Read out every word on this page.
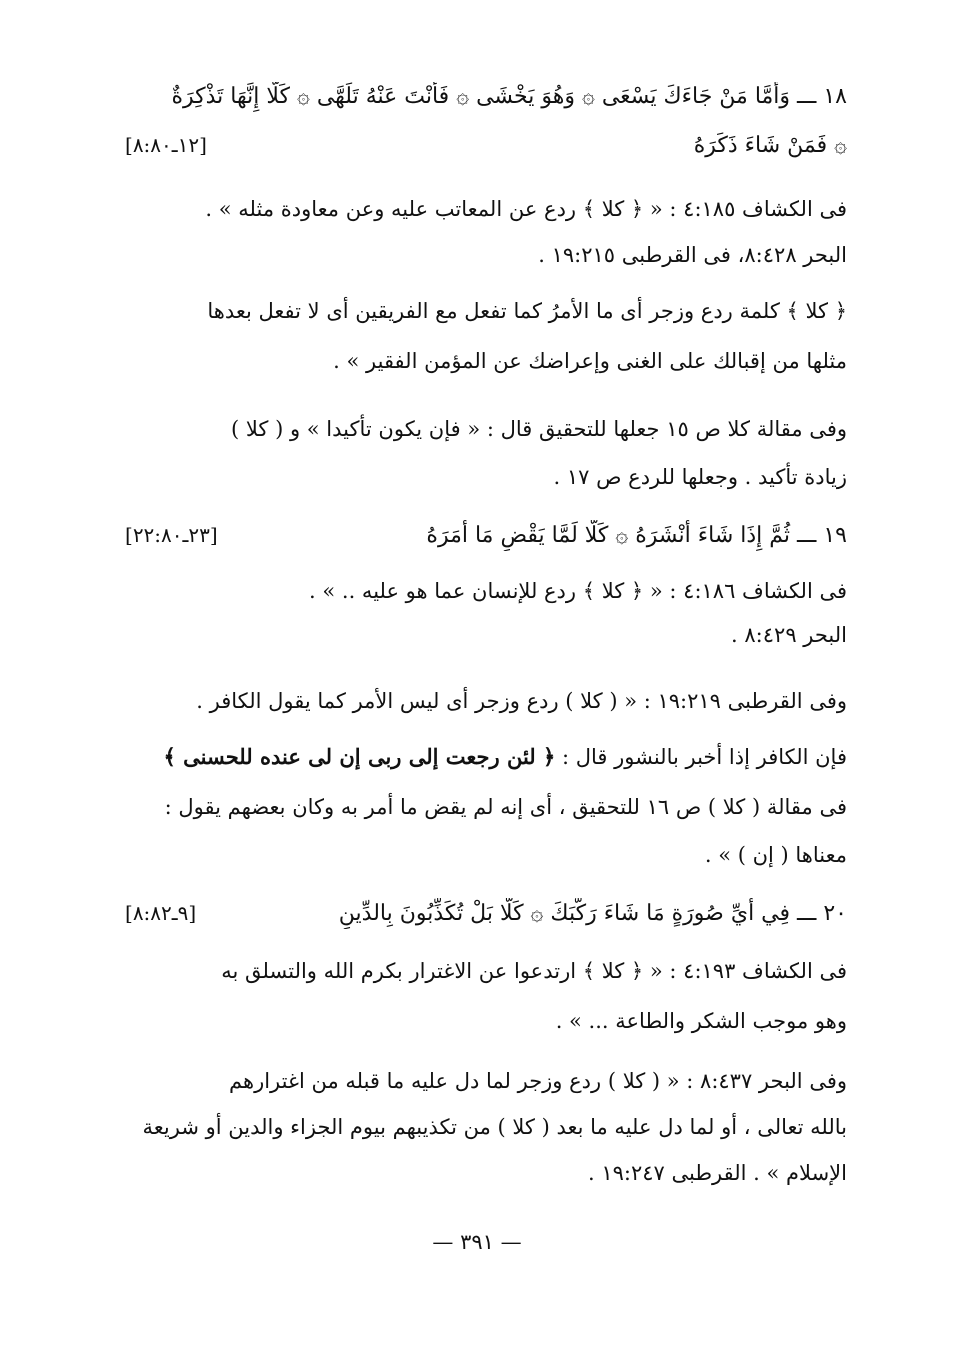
١٨ ـــ وَأَمَّا مَنْ جَاءَكَ يَسْعَى ۞ وَهُوَ يَخْشَى ۞ فَأَنْتَ عَنْهُ تَلَهَّى ۞ كَلَّا إِنَّهَا تَذْكِرَةٌ
۞ فَمَنْ شَاءَ ذَكَرَهُ
[١٢ـ٨:٨٠]
فى الكشاف ٤:١٨٥ : « ﴿ كلا ﴾ ردع عن المعاتب عليه وعن معاودة مثله » .
البحر ٨:٤٢٨، فى القرطبى ١٩:٢١٥ .
﴿ كلا ﴾ كلمة ردع وزجر أى ما الأمرُ كما تفعل مع الفريقين أى لا تفعل بعدها
مثلها من إقبالك على الغنى وإعراضك عن المؤمن الفقير » .
وفى مقالة كلا ص ١٥ جعلها للتحقيق قال : « فإن يكون تأكيدا » و ( كلا )
زيادة تأكيد . وجعلها للردع ص ١٧ .
١٩ ـــ ثُمَّ إِذَا شَاءَ أَنْشَرَهُ ۞ كَلَّا لَمَّا يَقْضِ مَا أَمَرَهُ
[٢٣ـ٢٢:٨٠]
فى الكشاف ٤:١٨٦ : « ﴿ كلا ﴾ ردع للإنسان عما هو عليه .. » .
البحر ٨:٤٢٩ .
وفى القرطبى ١٩:٢١٩ : « ( كلا ) ردع وزجر أى ليس الأمر كما يقول الكافر .
فإن الكافر إذا أخبر بالنشور قال : ﴿ لئن رجعت إلى ربى إن لى عنده للحسنى ﴾
فى مقالة ( كلا ) ص ١٦ للتحقيق ، أى إنه لم يقض ما أمر به وكان بعضهم يقول :
معناها ( إن ) » .
٢٠ ـــ فِي أَيِّ صُورَةٍ مَا شَاءَ رَكَّبَكَ ۞ كَلَّا بَلْ تُكَذِّبُونَ بِالدِّينِ
[٩ـ٨:٨٢]
فى الكشاف ٤:١٩٣ : « ﴿ كلا ﴾ ارتدعوا عن الاغترار بكرم الله والتسلق به
وهو موجب الشكر والطاعة ... » .
وفى البحر ٨:٤٣٧ : « ( كلا ) ردع وزجر لما دل عليه ما قبله من اغترارهم
بالله تعالى ، أو لما دل عليه ما بعد ( كلا ) من تكذيبهم بيوم الجزاء والدين أو شريعة
الإسلام » . القرطبى ١٩:٢٤٧ .
— ٣٩١ —
